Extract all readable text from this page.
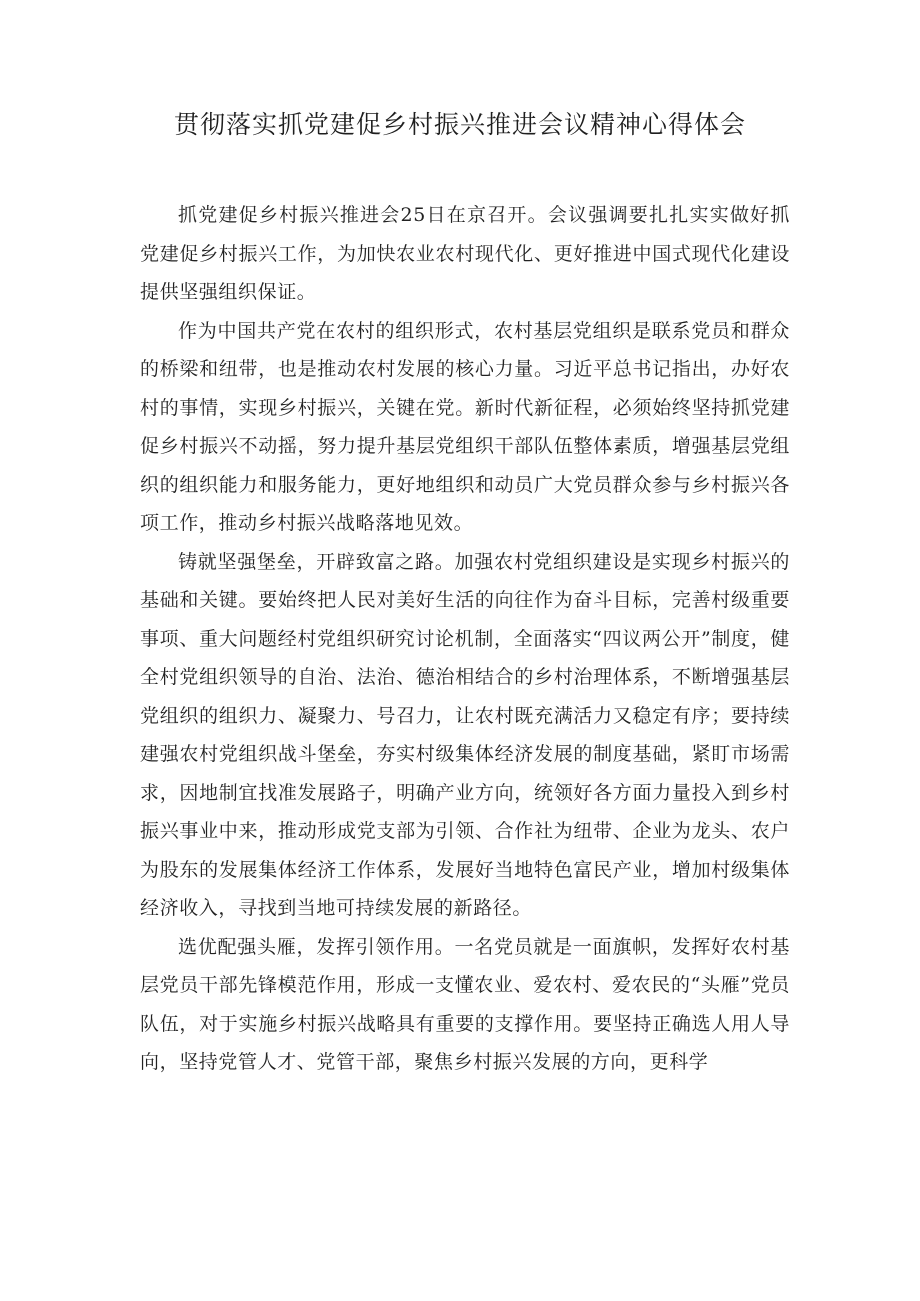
贯彻落实抓党建促乡村振兴推进会议精神心得体会

抓党建促乡村振兴推进会25日在京召开。会议强调要扎扎实实做好抓党建促乡村振兴工作，为加快农业农村现代化、更好推进中国式现代化建设提供坚强组织保证。

作为中国共产党在农村的组织形式，农村基层党组织是联系党员和群众的桥梁和纽带，也是推动农村发展的核心力量。习近平总书记指出，办好农村的事情，实现乡村振兴，关键在党。新时代新征程，必须始终坚持抓党建促乡村振兴不动摇，努力提升基层党组织干部队伍整体素质，增强基层党组织的组织能力和服务能力，更好地组织和动员广大党员群众参与乡村振兴各项工作，推动乡村振兴战略落地见效。

铸就坚强堡垒，开辟致富之路。加强农村党组织建设是实现乡村振兴的基础和关键。要始终把人民对美好生活的向往作为奋斗目标，完善村级重要事项、重大问题经村党组织研究讨论机制，全面落实“四议两公开”制度，健全村党组织领导的自治、法治、德治相结合的乡村治理体系，不断增强基层党组织的组织力、凝聚力、号召力，让农村既充满活力又稳定有序；要持续建强农村党组织战斗堡垒，夯实村级集体经济发展的制度基础，紧盯市场需求，因地制宜找准发展路子，明确产业方向，统领好各方面力量投入到乡村振兴事业中来，推动形成党支部为引领、合作社为纽带、企业为龙头、农户为股东的发展集体经济工作体系，发展好当地特色富民产业，增加村级集体经济收入，寻找到当地可持续发展的新路径。

选优配强头雁，发挥引领作用。一名党员就是一面旗帜，发挥好农村基层党员干部先锋模范作用，形成一支懂农业、爱农村、爱农民的“头雁”党员队伍，对于实施乡村振兴战略具有重要的支撑作用。要坚持正确选人用人导向，坚持党管人才、党管干部，聚焦乡村振兴发展的方向，更科学
